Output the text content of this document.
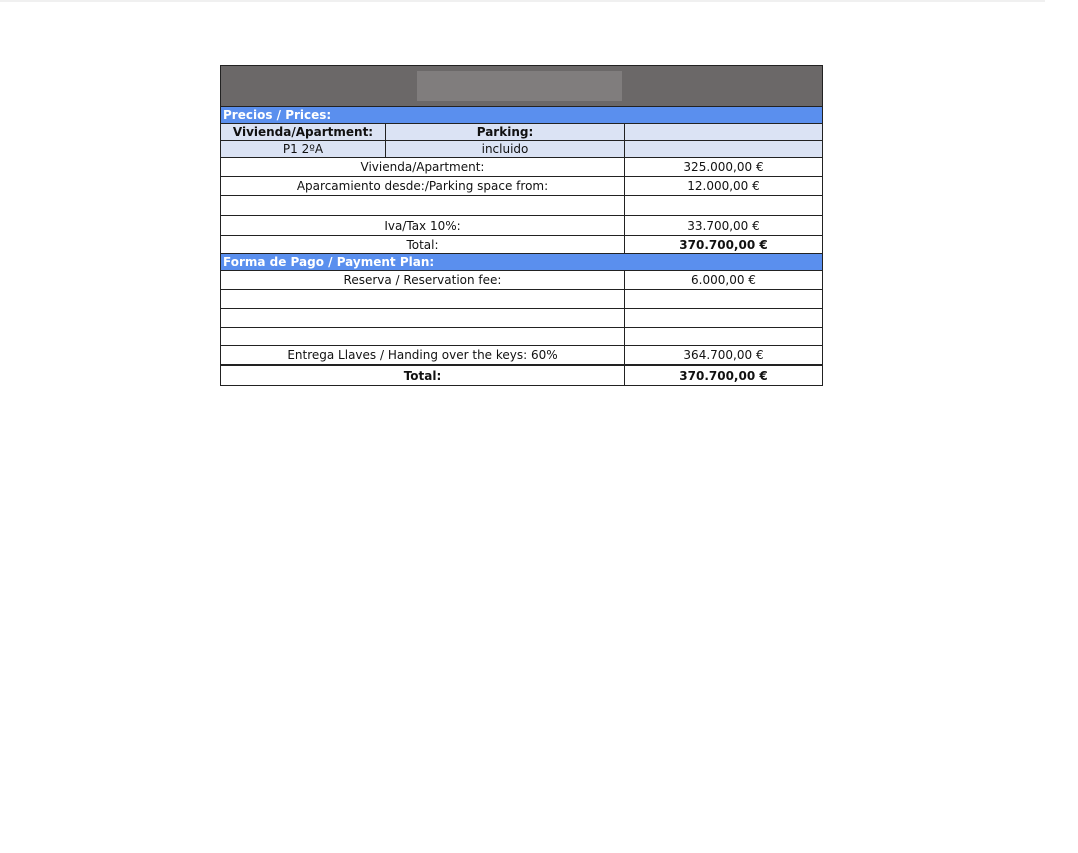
Precios / Prices:
Vivienda/Apartment:	Parking:
P1 2ºA	incluido
Vivienda/Apartment:	325.000,00 €
Aparcamiento desde:/Parking space from:	12.000,00 €
Iva/Tax 10%:	33.700,00 €
Total:	370.700,00 €
Forma de Pago / Payment Plan:
Reserva / Reservation fee:	6.000,00 €
Entrega Llaves / Handing over the keys: 60%	364.700,00 €
Total:	370.700,00 €
